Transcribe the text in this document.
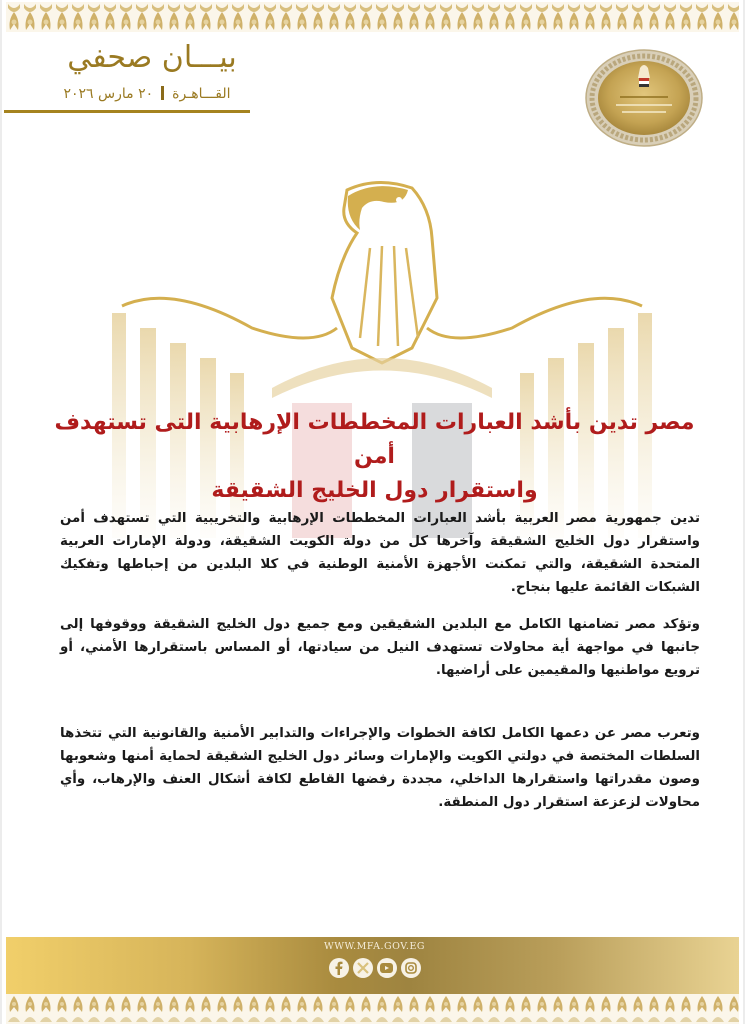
بيـــان صحفي
القـــاهـرة٢٠ مارس ٢٠٢٦
مصر تدين بأشد العبارات المخططات الإرهابية التى تستهدف أمن
واستقرار دول الخليج الشقيقة

تدين جمهورية مصر العربية بأشد العبارات المخططات الإرهابية والتخريبية التي تستهدف أمن واستقرار دول الخليج الشقيقة وآخرها كل من دولة الكويت الشقيقة، ودولة الإمارات العربية المتحدة الشقيقة، والتي تمكنت الأجهزة الأمنية الوطنية في كلا البلدين من إحباطها وتفكيك الشبكات القائمة عليها بنجاح.

وتؤكد مصر تضامنها الكامل مع البلدين الشقيقين ومع جميع دول الخليج الشقيقة ووقوفها إلى جانبها في مواجهة أية محاولات تستهدف النيل من سيادتها، أو المساس باستقرارها الأمني، أو ترويع مواطنيها والمقيمين على أراضيها.

وتعرب مصر عن دعمها الكامل لكافة الخطوات والإجراءات والتدابير الأمنية والقانونية التي تتخذها السلطات المختصة في دولتي الكويت والإمارات وسائر دول الخليج الشقيقة لحماية أمنها وشعوبها وصون مقدراتها واستقرارها الداخلي، مجددة رفضها القاطع لكافة أشكال العنف والإرهاب، وأي محاولات لزعزعة استقرار دول المنطقة.

WWW.MFA.GOV.EG
